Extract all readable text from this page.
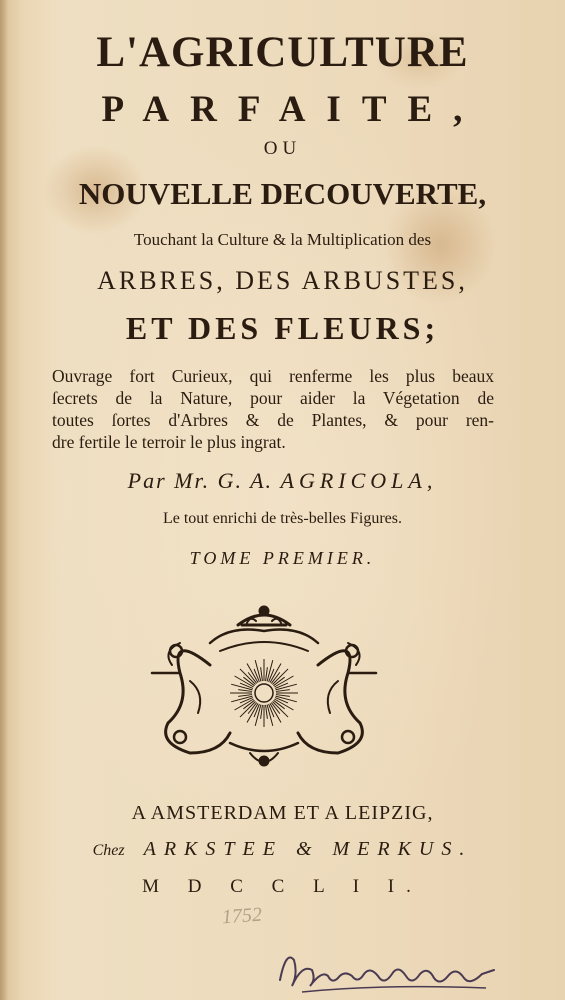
L'AGRICULTURE
PARFAITE,
OU
NOUVELLE DECOUVERTE,
Touchant la Culture & la Multiplication des
ARBRES, DES ARBUSTES,
ET DES FLEURS;
Ouvrage fort Curieux, qui renferme les plus beaux
ſecrets de la Nature, pour aider la Végetation de
toutes ſortes d'Arbres & de Plantes, & pour ren-
dre fertile le terroir le plus ingrat.
Par Mr. G. A. AGRICOLA,
Le tout enrichi de très-belles Figures.
TOME PREMIER.
A AMSTERDAM ET A LEIPZIG,
Chez ARKSTEE & MERKUS.
M D C C L I I.
1752
